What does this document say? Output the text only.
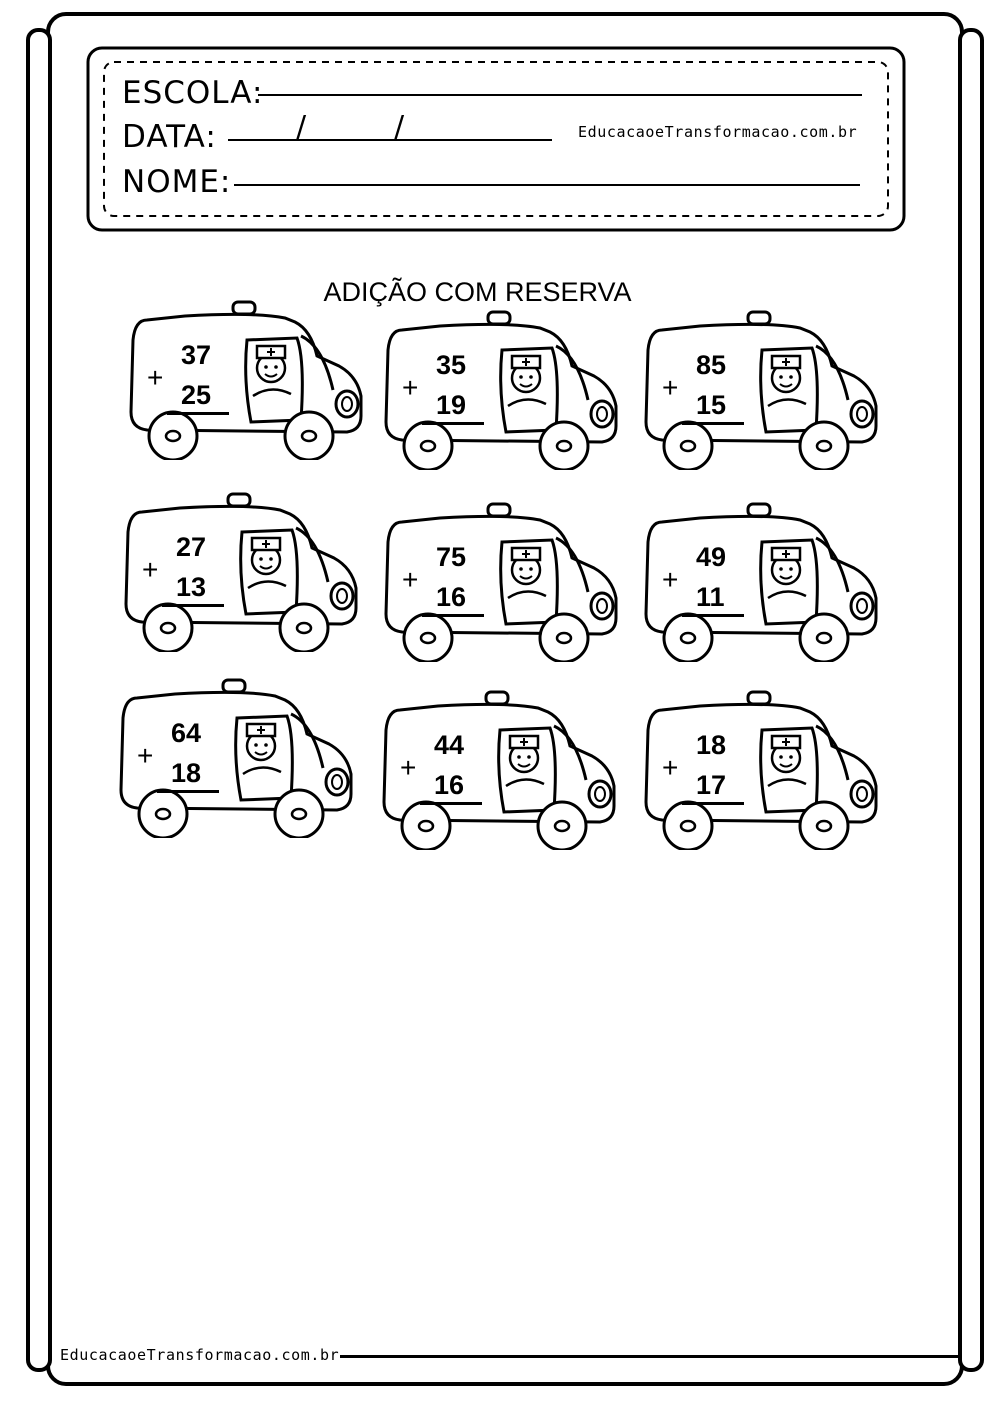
ESCOLA:
DATA:	/	/	EducacaoeTransformacao.com.br
NOME:
ADIÇÃO COM RESERVA
37
+
25
35
+
19
85
+
15
27
+
13
75
+
16
49
+
11
64
+
18
44
+
16
18
+
17
EducacaoeTransformacao.com.br
